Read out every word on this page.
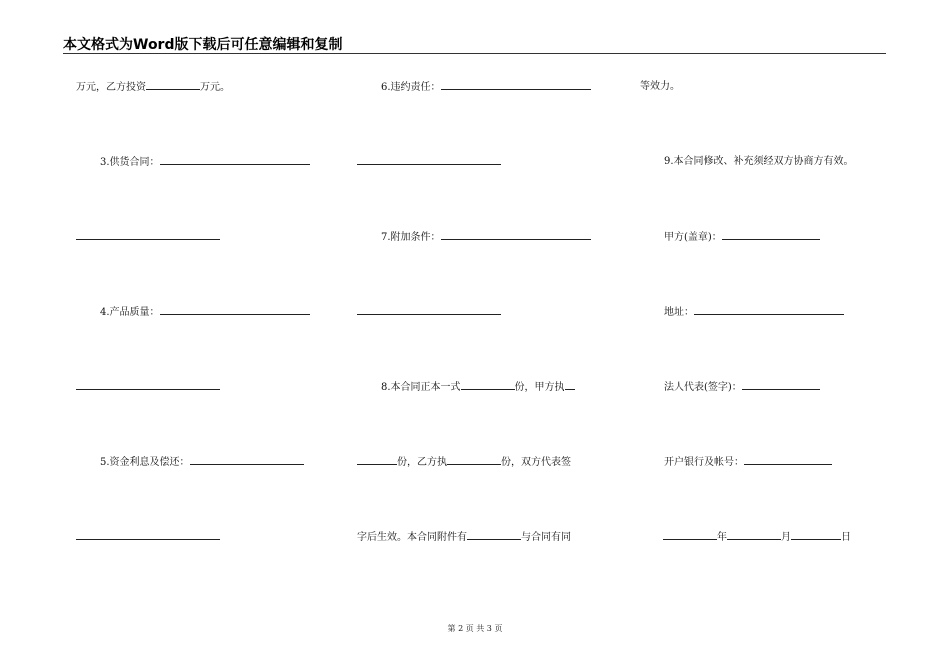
本文格式为Word版下载后可任意编辑和复制
万元，乙方投资	万元。
3.供货合同：
4.产品质量：
5.资金利息及偿还：
6.违约责任：
7.附加条件：
8.本合同正本一式	份，甲方执
份，乙方执	份，双方代表签
字后生效。本合同附件有	与合同有同
等效力。
9.本合同修改、补充须经双方协商方有效。
甲方(盖章)：
地址：
法人代表(签字)：
开户银行及帐号：
年	月	日
第 2 页 共 3 页
